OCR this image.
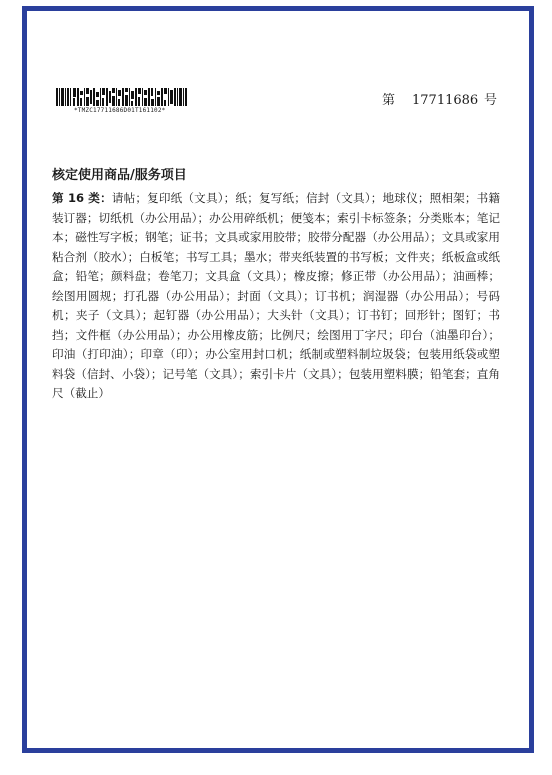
*TMZC17711686D01T161102*
第 17711686 号
核定使用商品/服务项目

第 16 类：请帖；复印纸（文具）；纸；复写纸；信封（文具）；地球仪；照相架；书籍装订器；切纸机（办公用品）；办公用碎纸机；便笺本；索引卡标签条；分类账本；笔记本；磁性写字板；钢笔；证书；文具或家用胶带；胶带分配器（办公用品）；文具或家用粘合剂（胶水）；白板笔；书写工具；墨水；带夹纸装置的书写板；文件夹；纸板盒或纸盒；铅笔；颜料盘；卷笔刀；文具盒（文具）；橡皮擦；修正带（办公用品）；油画棒；绘图用圆规；打孔器（办公用品）；封面（文具）；订书机；润湿器（办公用品）；号码机；夹子（文具）；起钉器（办公用品）；大头针（文具）；订书钉；回形针；图钉；书挡；文件框（办公用品）；办公用橡皮筋；比例尺；绘图用丁字尺；印台（油墨印台）；印油（打印油）；印章（印）；办公室用封口机；纸制或塑料制垃圾袋；包装用纸袋或塑料袋（信封、小袋）；记号笔（文具）；索引卡片（文具）；包装用塑料膜；铅笔套；直角尺（截止）
